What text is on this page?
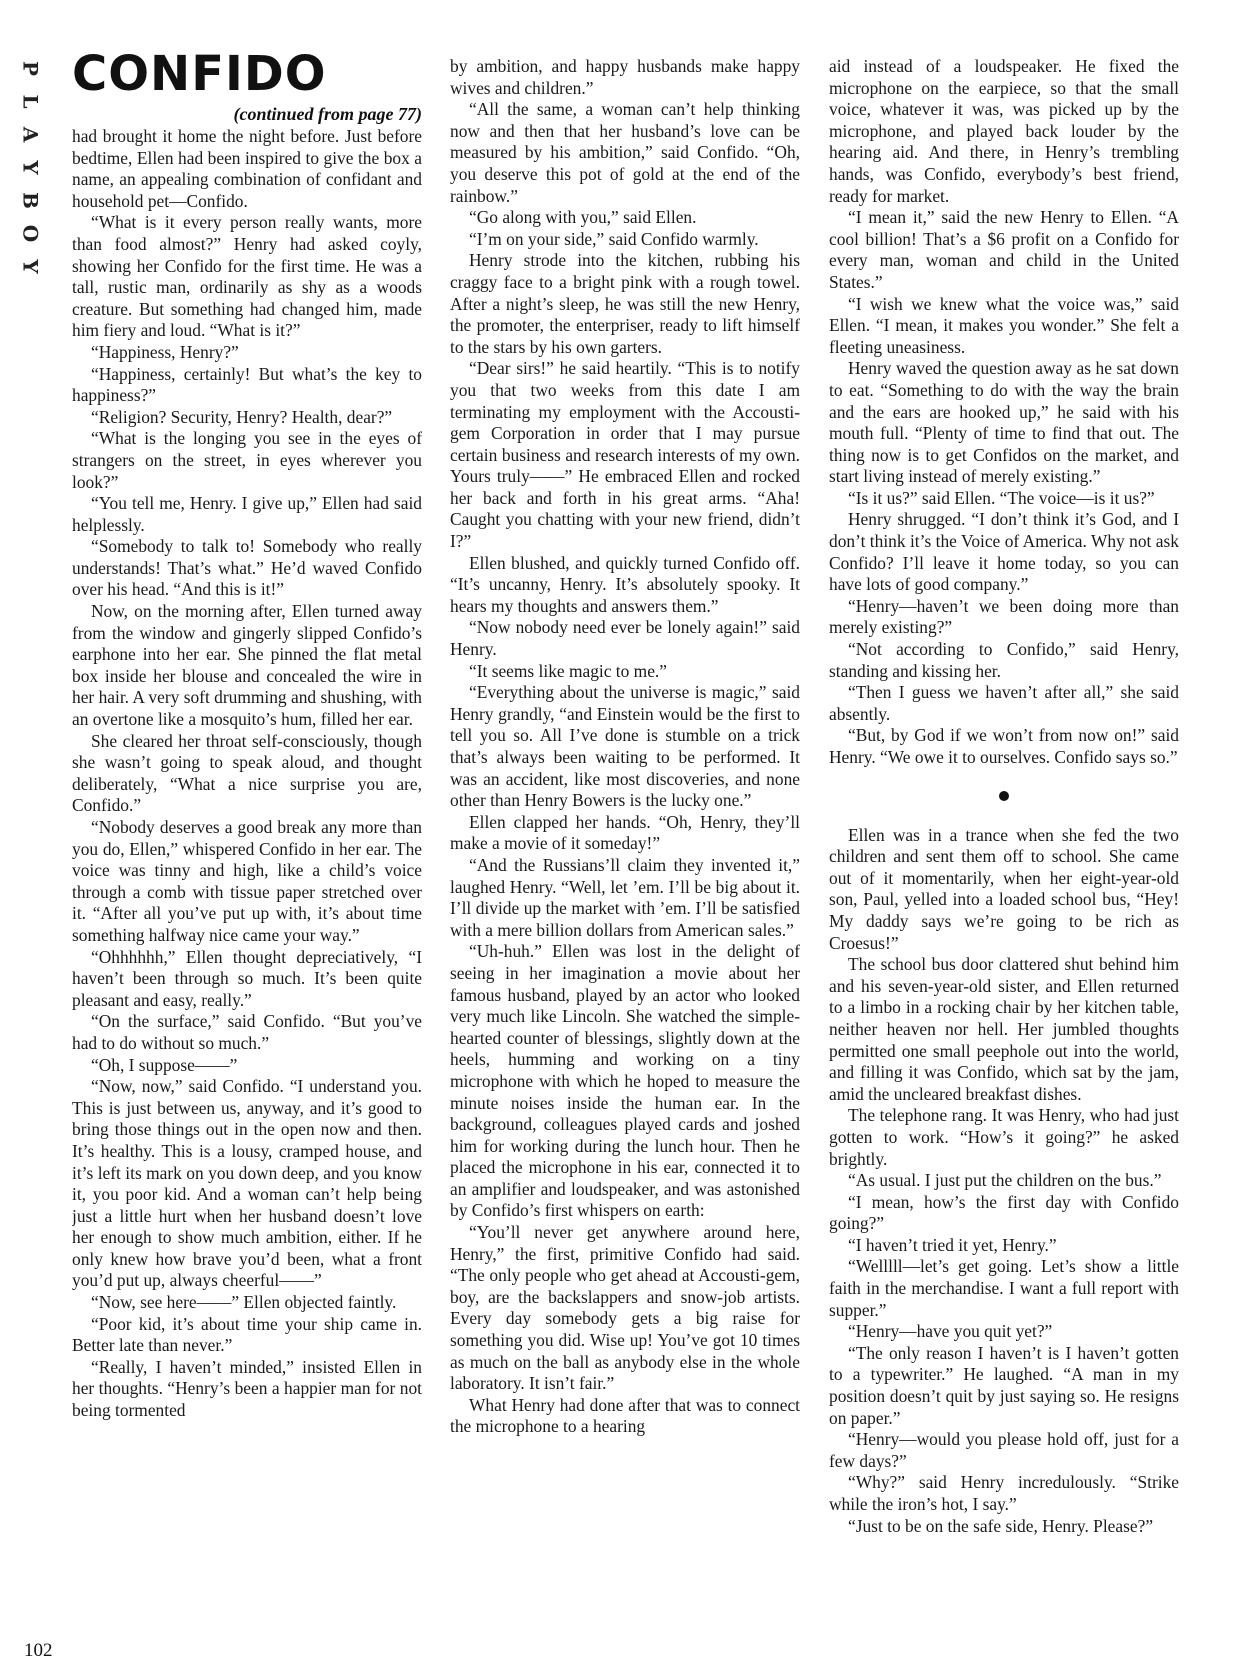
P
L
A
Y
B
O
Y
CONFIDO
(continued from page 77)

had brought it home the night before. Just before bedtime, Ellen had been inspired to give the box a name, an appealing combination of confidant and household pet—Confido.

“What is it every person really wants, more than food almost?” Henry had asked coyly, showing her Confido for the first time. He was a tall, rustic man, ordinarily as shy as a woods creature. But something had changed him, made him fiery and loud. “What is it?”

“Happiness, Henry?”

“Happiness, certainly! But what’s the key to happiness?”

“Religion? Security, Henry? Health, dear?”

“What is the longing you see in the eyes of strangers on the street, in eyes wherever you look?”

“You tell me, Henry. I give up,” Ellen had said helplessly.

“Somebody to talk to! Somebody who really understands! That’s what.” He’d waved Confido over his head. “And this is it!”

Now, on the morning after, Ellen turned away from the window and gingerly slipped Confido’s earphone into her ear. She pinned the flat metal box inside her blouse and concealed the wire in her hair. A very soft drumming and shushing, with an overtone like a mosquito’s hum, filled her ear.

She cleared her throat self-consciously, though she wasn’t going to speak aloud, and thought deliberately, “What a nice surprise you are, Confido.”

“Nobody deserves a good break any more than you do, Ellen,” whispered Confido in her ear. The voice was tinny and high, like a child’s voice through a comb with tissue paper stretched over it. “After all you’ve put up with, it’s about time something halfway nice came your way.”

“Ohhhhhh,” Ellen thought depreciatively, “I haven’t been through so much. It’s been quite pleasant and easy, really.”

“On the surface,” said Confido. “But you’ve had to do without so much.”

“Oh, I suppose——”

“Now, now,” said Confido. “I understand you. This is just between us, anyway, and it’s good to bring those things out in the open now and then. It’s healthy. This is a lousy, cramped house, and it’s left its mark on you down deep, and you know it, you poor kid. And a woman can’t help being just a little hurt when her husband doesn’t love her enough to show much ambition, either. If he only knew how brave you’d been, what a front you’d put up, always cheerful——”

“Now, see here——” Ellen objected faintly.

“Poor kid, it’s about time your ship came in. Better late than never.”

“Really, I haven’t minded,” insisted Ellen in her thoughts. “Henry’s been a happier man for not being tormented

by ambition, and happy husbands make happy wives and children.”

“All the same, a woman can’t help thinking now and then that her husband’s love can be measured by his ambition,” said Confido. “Oh, you deserve this pot of gold at the end of the rainbow.”

“Go along with you,” said Ellen.

“I’m on your side,” said Confido warmly.

Henry strode into the kitchen, rubbing his craggy face to a bright pink with a rough towel. After a night’s sleep, he was still the new Henry, the promoter, the enterpriser, ready to lift himself to the stars by his own garters.

“Dear sirs!” he said heartily. “This is to notify you that two weeks from this date I am terminating my employment with the Accousti-gem Corporation in order that I may pursue certain business and research interests of my own. Yours truly——” He embraced Ellen and rocked her back and forth in his great arms. “Aha! Caught you chatting with your new friend, didn’t I?”

Ellen blushed, and quickly turned Confido off. “It’s uncanny, Henry. It’s absolutely spooky. It hears my thoughts and answers them.”

“Now nobody need ever be lonely again!” said Henry.

“It seems like magic to me.”

“Everything about the universe is magic,” said Henry grandly, “and Einstein would be the first to tell you so. All I’ve done is stumble on a trick that’s always been waiting to be performed. It was an accident, like most discoveries, and none other than Henry Bowers is the lucky one.”

Ellen clapped her hands. “Oh, Henry, they’ll make a movie of it someday!”

“And the Russians’ll claim they invented it,” laughed Henry. “Well, let ’em. I’ll be big about it. I’ll divide up the market with ’em. I’ll be satisfied with a mere billion dollars from American sales.”

“Uh-huh.” Ellen was lost in the delight of seeing in her imagination a movie about her famous husband, played by an actor who looked very much like Lincoln. She watched the simple-hearted counter of blessings, slightly down at the heels, humming and working on a tiny microphone with which he hoped to measure the minute noises inside the human ear. In the background, colleagues played cards and joshed him for working during the lunch hour. Then he placed the microphone in his ear, connected it to an amplifier and loudspeaker, and was astonished by Confido’s first whispers on earth:

“You’ll never get anywhere around here, Henry,” the first, primitive Confido had said. “The only people who get ahead at Accousti-gem, boy, are the backslappers and snow-job artists. Every day somebody gets a big raise for something you did. Wise up! You’ve got 10 times as much on the ball as anybody else in the whole laboratory. It isn’t fair.”

What Henry had done after that was to connect the microphone to a hearing

aid instead of a loudspeaker. He fixed the microphone on the earpiece, so that the small voice, whatever it was, was picked up by the microphone, and played back louder by the hearing aid. And there, in Henry’s trembling hands, was Confido, everybody’s best friend, ready for market.

“I mean it,” said the new Henry to Ellen. “A cool billion! That’s a $6 profit on a Confido for every man, woman and child in the United States.”

“I wish we knew what the voice was,” said Ellen. “I mean, it makes you wonder.” She felt a fleeting uneasiness.

Henry waved the question away as he sat down to eat. “Something to do with the way the brain and the ears are hooked up,” he said with his mouth full. “Plenty of time to find that out. The thing now is to get Confidos on the market, and start living instead of merely existing.”

“Is it us?” said Ellen. “The voice—is it us?”

Henry shrugged. “I don’t think it’s God, and I don’t think it’s the Voice of America. Why not ask Confido? I’ll leave it home today, so you can have lots of good company.”

“Henry—haven’t we been doing more than merely existing?”

“Not according to Confido,” said Henry, standing and kissing her.

“Then I guess we haven’t after all,” she said absently.

“But, by God if we won’t from now on!” said Henry. “We owe it to ourselves. Confido says so.”

Ellen was in a trance when she fed the two children and sent them off to school. She came out of it momentarily, when her eight-year-old son, Paul, yelled into a loaded school bus, “Hey! My daddy says we’re going to be rich as Croesus!”

The school bus door clattered shut behind him and his seven-year-old sister, and Ellen returned to a limbo in a rocking chair by her kitchen table, neither heaven nor hell. Her jumbled thoughts permitted one small peephole out into the world, and filling it was Confido, which sat by the jam, amid the uncleared breakfast dishes.

The telephone rang. It was Henry, who had just gotten to work. “How’s it going?” he asked brightly.

“As usual. I just put the children on the bus.”

“I mean, how’s the first day with Confido going?”

“I haven’t tried it yet, Henry.”

“Welllll—let’s get going. Let’s show a little faith in the merchandise. I want a full report with supper.”

“Henry—have you quit yet?”

“The only reason I haven’t is I haven’t gotten to a typewriter.” He laughed. “A man in my position doesn’t quit by just saying so. He resigns on paper.”

“Henry—would you please hold off, just for a few days?”

“Why?” said Henry incredulously. “Strike while the iron’s hot, I say.”

“Just to be on the safe side, Henry. Please?”

102
